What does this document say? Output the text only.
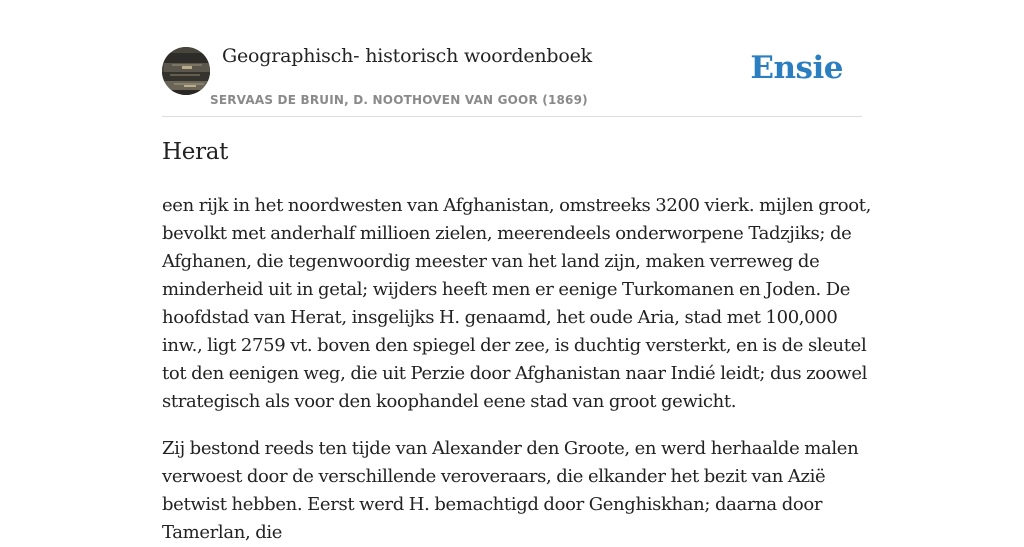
Geographisch- historisch woordenboek
SERVAAS DE BRUIN, D. NOOTHOVEN VAN GOOR (1869)
Ensie
Herat

een rijk in het noordwesten van Afghanistan, omstreeks 3200 vierk. mijlen groot, bevolkt met anderhalf millioen zielen, meerendeels onderworpene Tadzjiks; de Afghanen, die tegenwoordig meester van het land zijn, maken verreweg de minderheid uit in getal; wijders heeft men er eenige Turkomanen en Joden. De hoofdstad van Herat, insgelijks H. genaamd, het oude Aria, stad met 100,000 inw., ligt 2759 vt. boven den spiegel der zee, is duchtig versterkt, en is de sleutel tot den eenigen weg, die uit Perzie door Afghanistan naar Indié leidt; dus zoowel strategisch als voor den koophandel eene stad van groot gewicht.

Zij bestond reeds ten tijde van Alexander den Groote, en werd herhaalde malen verwoest door de verschillende veroveraars, die elkander het bezit van Azië betwist hebben. Eerst werd H. bemachtigd door Genghiskhan; daarna door Tamerlan, die
